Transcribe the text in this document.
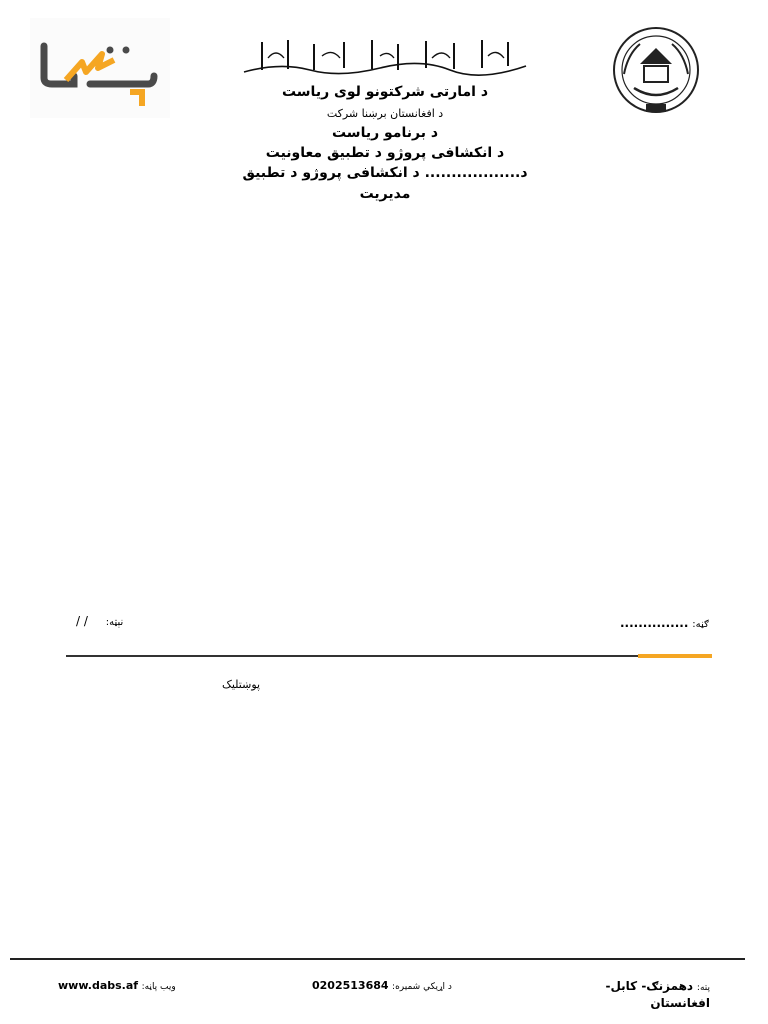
دافغانستان اسلامي امارت
د امارتی شرکتونو لوی ریاست
د افغانستان برښنا شرکت
د برنامو ریاست
د انکشافی پروژو د تطبیق معاونیت
د.................. د انکشافی پروژو د تطبیق
مدیریت
نېټه: / /	ګڼه: ...............
پوښتلیک
ویب پاڼه: www.dabs.af	د اړیکي شمیره: 0202513684	پته: دهمزنګ- کابل- افغانستان
